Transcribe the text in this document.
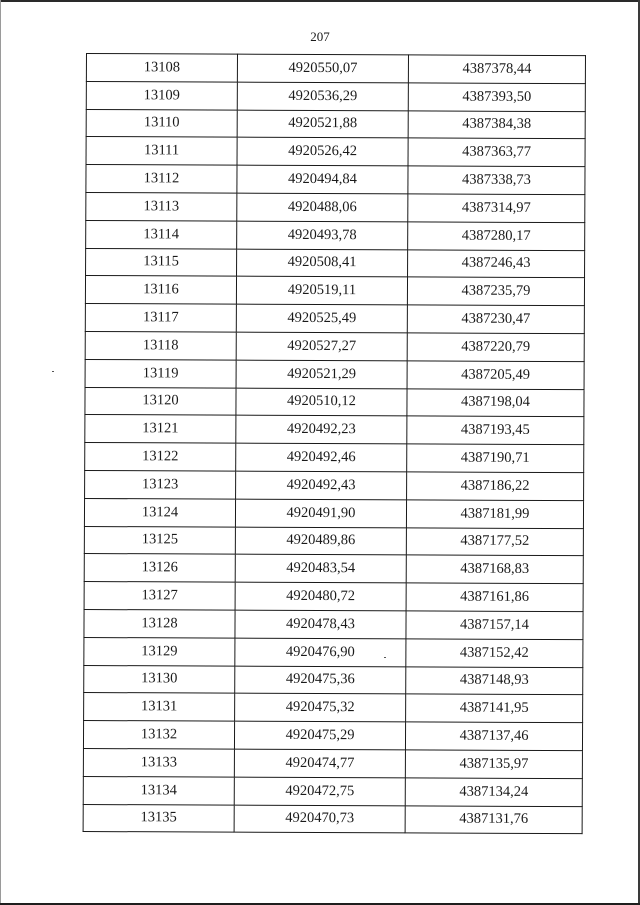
207
13108	4920550,07	4387378,44
13109	4920536,29	4387393,50
13110	4920521,88	4387384,38
13111	4920526,42	4387363,77
13112	4920494,84	4387338,73
13113	4920488,06	4387314,97
13114	4920493,78	4387280,17
13115	4920508,41	4387246,43
13116	4920519,11	4387235,79
13117	4920525,49	4387230,47
13118	4920527,27	4387220,79
13119	4920521,29	4387205,49
13120	4920510,12	4387198,04
13121	4920492,23	4387193,45
13122	4920492,46	4387190,71
13123	4920492,43	4387186,22
13124	4920491,90	4387181,99
13125	4920489,86	4387177,52
13126	4920483,54	4387168,83
13127	4920480,72	4387161,86
13128	4920478,43	4387157,14
13129	4920476,90	4387152,42
13130	4920475,36	4387148,93
13131	4920475,32	4387141,95
13132	4920475,29	4387137,46
13133	4920474,77	4387135,97
13134	4920472,75	4387134,24
13135	4920470,73	4387131,76
